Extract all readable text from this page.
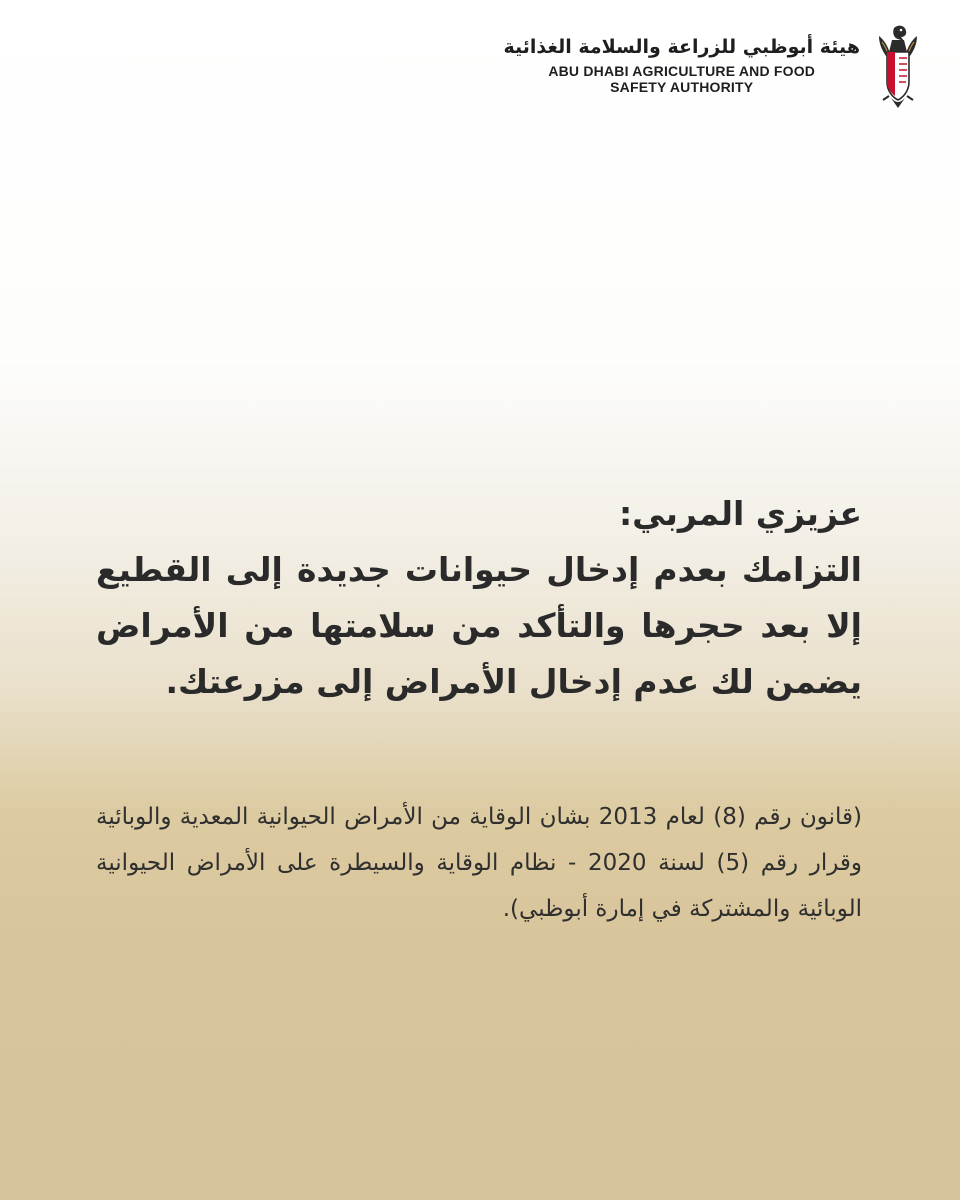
هيئة أبوظبي للزراعة والسلامة الغذائية
ABU DHABI AGRICULTURE AND FOOD
SAFETY AUTHORITY
عزيزي المربي:
التزامك بعدم إدخال حيوانات جديدة إلى القطيع إلا بعد حجرها والتأكد من سلامتها من الأمراض يضمن لك عدم إدخال الأمراض إلى مزرعتك.
(قانون رقم (8) لعام 2013 بشان الوقاية من الأمراض الحيوانية المعدية والوبائية وقرار رقم (5) لسنة 2020 - نظام الوقاية والسيطرة على الأمراض الحيوانية الوبائية والمشتركة في إمارة أبوظبي).
